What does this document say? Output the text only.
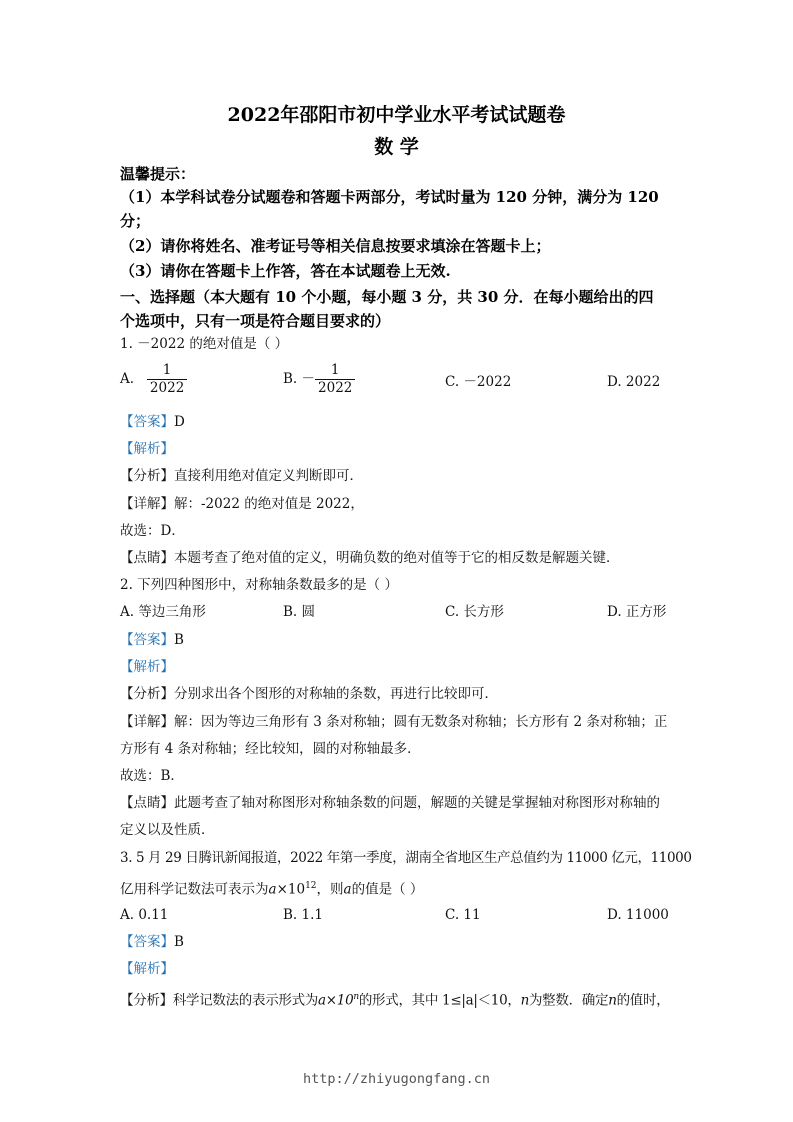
2022年邵阳市初中学业水平考试试题卷
数 学
温馨提示：
（1）本学科试卷分试题卷和答题卡两部分，考试时量为 120 分钟，满分为 120
分；
（2）请你将姓名、准考证号等相关信息按要求填涂在答题卡上；
（3）请你在答题卡上作答，答在本试题卷上无效.
一、选择题（本大题有 10 个小题，每小题 3 分，共 30 分．在每小题给出的四
个选项中，只有一项是符合题目要求的）
1. －2022 的绝对值是（ ）
A. $\frac{1}{2022}$	B. － $\frac{1}{2022}$	C. －2022	D. 2022
【答案】D
【解析】
【分析】直接利用绝对值定义判断即可．
【详解】解：-2022 的绝对值是 2022，
故选：D．
【点睛】本题考查了绝对值的定义，明确负数的绝对值等于它的相反数是解题关键．
2. 下列四种图形中，对称轴条数最多的是（ ）
A. 等边三角形	B. 圆	C. 长方形	D. 正方形
【答案】B
【解析】
【分析】分别求出各个图形的对称轴的条数，再进行比较即可．
【详解】解：因为等边三角形有 3 条对称轴；圆有无数条对称轴；长方形有 2 条对称轴；正
方形有 4 条对称轴；经比较知，圆的对称轴最多．
故选：B．
【点睛】此题考查了轴对称图形对称轴条数的问题，解题的关键是掌握轴对称图形对称轴的
定义以及性质．
3. 5 月 29 日腾讯新闻报道，2022 年第一季度，湖南全省地区生产总值约为 11000 亿元，11000
亿用科学记数法可表示为$a\times 10^{12}$，则a的值是（ ）
A. 0.11	B. 1.1	C. 11	D. 11000
【答案】B
【解析】
【分析】科学记数法的表示形式为$a\times 10^n$的形式，其中 1≤|a|＜10，n为整数．确定n的值时，
http://zhiyugongfang.cn
